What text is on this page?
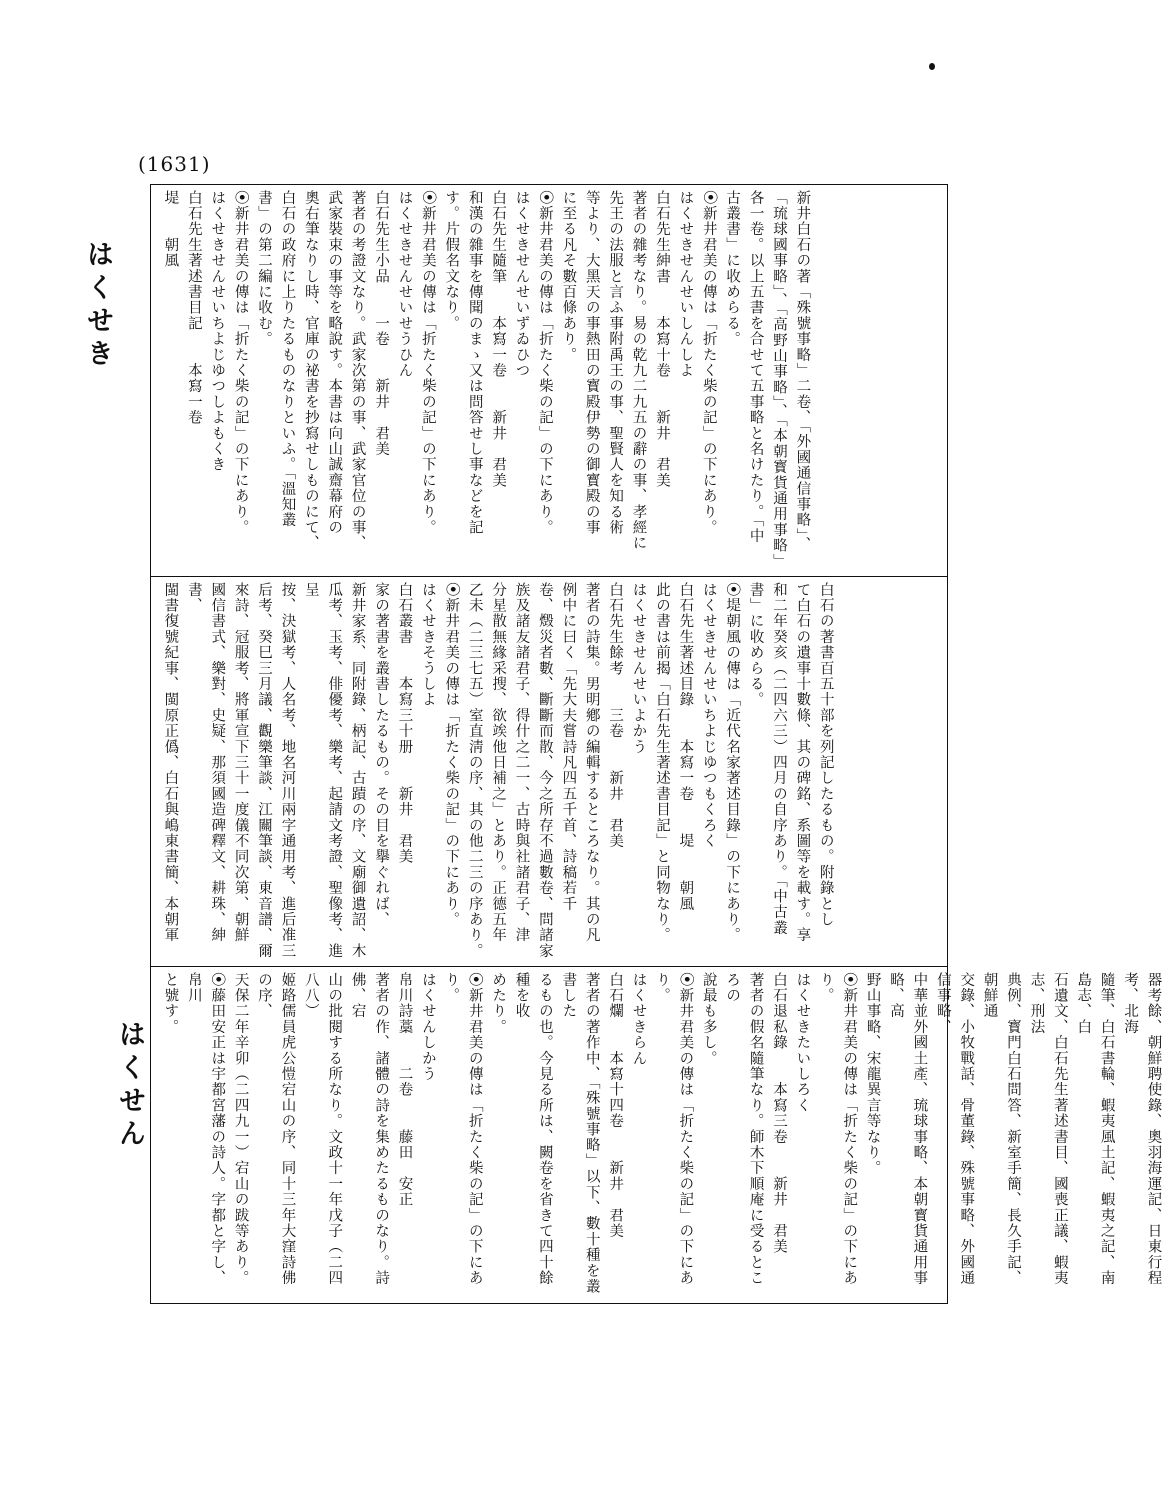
(1631)
はくせき
はくせん
新井白石の著「殊號事略」二卷、「外國通信事略」、
「琉球國事略」、「高野山事略」、「本朝寳貨通用事略」
各一卷。以上五書を合せて五事略と名けたり。「中
古叢書」に收めらる。
⦿新井君美の傳は「折たく柴の記」の下にあり。
はくせきせんせいしんしよ
白石先生紳書　　本寫十卷　　新井　君美
著者の雜考なり。易の乾九二九五の辭の事、孝經に
先王の法服と言ふ事附禹王の事、聖賢人を知る術
等より、大黑天の事熱田の寳殿伊勢の御寳殿の事
に至る凡そ數百條あり。
⦿新井君美の傳は「折たく柴の記」の下にあり。
はくせきせんせいずゐひつ
白石先生隨筆　　本寫一卷　　新井　君美
和漢の雜事を傳聞のまゝ又は問答せし事などを記
す。片假名文なり。
⦿新井君美の傳は「折たく柴の記」の下にあり。
はくせきせんせいせうひん
白石先生小品　　一卷　　新井　君美
著者の考證文なり。武家次第の事、武家官位の事、
武家裝束の事等を略說す。本書は向山誠齋幕府の
奧右筆なりし時、官庫の祕書を抄寫せしものにて、
白石の政府に上りたるものなりといふ。「溫知叢
書」の第二編に收む。
⦿新井君美の傳は「折たく柴の記」の下にあり。
はくせきせんせいちよじゆつしよもくき
白石先生著述書目記　　本寫一卷
堤　　朝風
白石の著書百五十部を列記したるもの。附錄とし
て白石の遺事十數條、其の碑銘、系圖等を載す。享
和二年癸亥（二四六三）四月の自序あり。「中古叢
書」に收めらる。
⦿堤朝風の傳は「近代名家著述目錄」の下にあり。
はくせきせんせいちよじゆつもくろく
白石先生著述目錄　　本寫一卷　　堤　　朝風
此の書は前揭「白石先生著述書目記」と同物なり。
はくせきせんせいよかう
白石先生餘考　　三卷　　新井　君美
著者の詩集。男明鄕の編輯するところなり。其の凡
例中に曰く「先大夫嘗詩凡四五千首、詩稿若千
卷、燬災者數、斷斷而散、今之所存不過數卷、問諸家
族及諸友諸君子、得什之二一、古時與社諸君子、津
分星散無緣采搜、欲竢他日補之」とあり。正德五年
乙未（二三七五）室直淸の序、其の他二三の序あり。
⦿新井君美の傳は「折たく柴の記」の下にあり。
はくせきそうしよ
白石叢書　　本寫三十册　　新井　君美
家の著書を叢書したるもの。その目を擧ぐれば、
新井家系、同附錄、柄記、古蹟の序、文廟御遺詔、木
瓜考、玉考、俳優考、樂考、起請文考證、聖像考、進呈
按、決獄考、人名考、地名河川兩字通用考、進后准三
后考、癸巳三月議、觀樂筆談、江關筆談、東音譜、爾
來詩、冠服考、將軍宣下三十一度儀不同次第、朝鮮
國信書式、樂對、史疑、那須國造碑釋文、耕珠、紳書、
閩書復號紀事、閩原正僞、白石與嶋東書簡、本朝軍
器考餘、朝鮮聘使錄、奧羽海運記、日東行程考、北海
隨筆、白石書輪、蝦夷風土記、蝦夷之記、南島志、白
石遺文、白石先生著述書目、國喪正議、蝦夷志、刑法
典例、寳門白石問答、新室手簡、長久手記、朝鮮通
交錄、小牧戰話、骨董錄、殊號事略、外國通信事略、
中華並外國土產、琉球事略、本朝寳貨通用事略、高
野山事略、宋龍異言等なり。
⦿新井君美の傳は「折たく柴の記」の下にあり。
はくせきたいしろく
白石退私錄　　本寫三卷　　新井　君美
著者の假名隨筆なり。師木下順庵に受るところの
說最も多し。
⦿新井君美の傳は「折たく柴の記」の下にあり。
はくせきらん
白石爛　　本寫十四卷　　新井　君美
著者の著作中、「殊號事略」以下、數十種を叢書した
るもの也。今見る所は、闕卷を省きて四十餘種を收
めたり。
⦿新井君美の傳は「折たく柴の記」の下にあり。
はくせんしかう
帛川詩藁　　二卷　　藤田　安正
著者の作、諸體の詩を集めたるものなり。詩佛、宕
山の批閱する所なり。文政十一年戊子（二四八八）
姬路儒員虎公愷宕山の序、同十三年大窪詩佛の序、
天保二年辛卯（二四九一）宕山の跋等あり。
⦿藤田安正は宇都宮藩の詩人。字都と字し、帛川
と號す。
